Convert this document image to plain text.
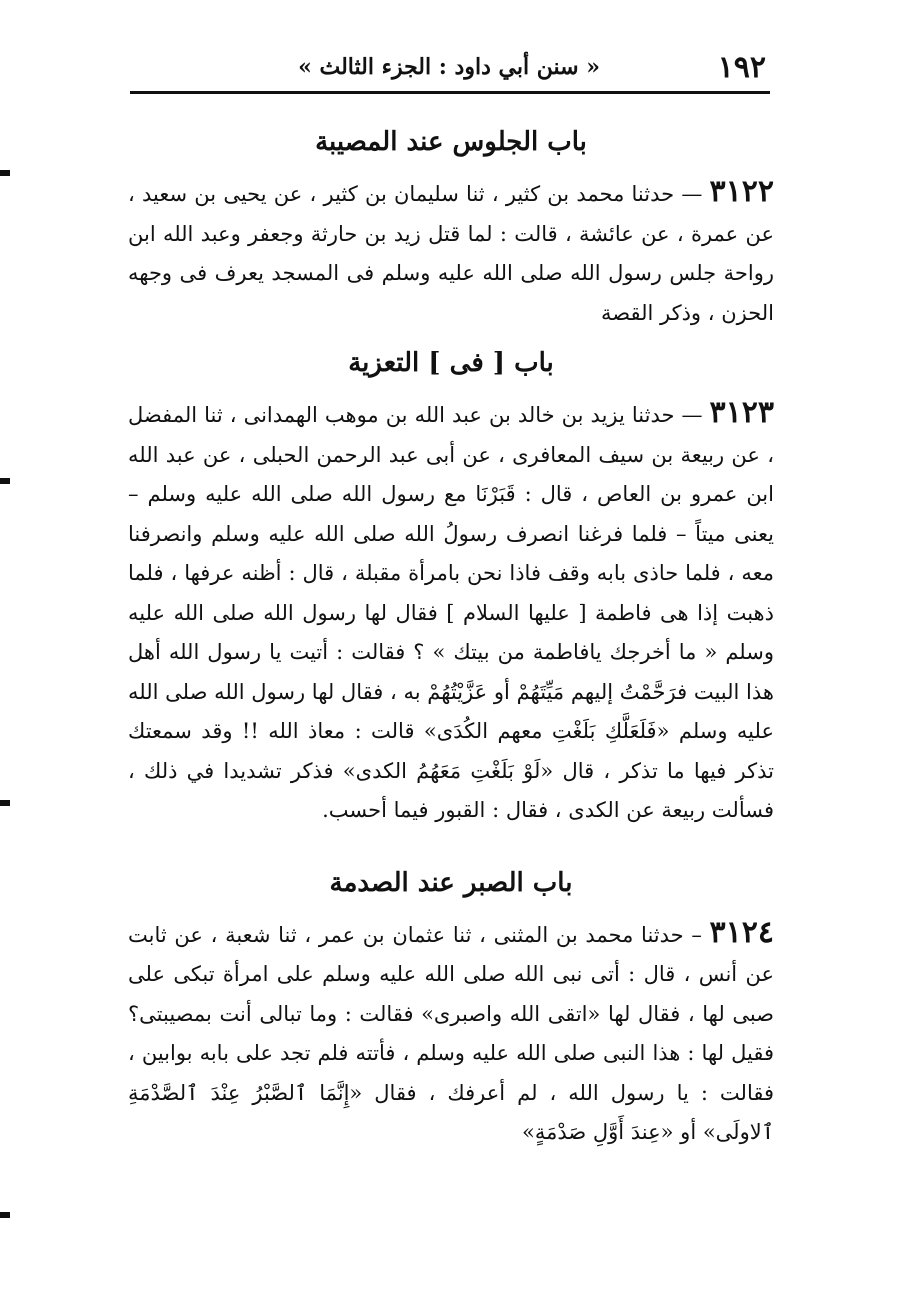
١٩٢
« سنن أبي داود : الجزء الثالث »
باب الجلوس عند المصيبة

٣١٢٢ — حدثنا محمد بن كثير ، ثنا سليمان بن كثير ، عن يحيى بن سعيد ، عن عمرة ، عن عائشة ، قالت : لما قتل زيد بن حارثة وجعفر وعبد الله ابن رواحة جلس رسول الله صلى الله عليه وسلم فى المسجد يعرف فى وجهه الحزن ، وذكر القصة

باب [ فى ] التعزية

٣١٢٣ — حدثنا يزيد بن خالد بن عبد الله بن موهب الهمدانى ، ثنا المفضل ، عن ربيعة بن سيف المعافرى ، عن أبى عبد الرحمن الحبلى ، عن عبد الله ابن عمرو بن العاص ، قال : قَبَرْنَا مع رسول الله صلى الله عليه وسلم – يعنى ميتاً – فلما فرغنا انصرف رسولُ الله صلى الله عليه وسلم وانصرفنا معه ، فلما حاذى بابه وقف فاذا نحن بامرأة مقبلة ، قال : أظنه عرفها ، فلما ذهبت إذا هى فاطمة [ عليها السلام ] فقال لها رسول الله صلى الله عليه وسلم « ما أخرجك يافاطمة من بيتك » ؟ فقالت : أتيت يا رسول الله أهل هذا البيت فرَحَّمْتُ إليهم مَيِّتَهُمْ أو عَزَّيْتُهُمْ به ، فقال لها رسول الله صلى الله عليه وسلم «فَلَعَلَّكِ بَلَغْتِ معهم الكُدَى» قالت : معاذ الله !! وقد سمعتك تذكر فيها ما تذكر ، قال «لَوْ بَلَغْتِ مَعَهُمُ الكدى» فذكر تشديدا في ذلك ، فسألت ربيعة عن الكدى ، فقال : القبور فيما أحسب.

باب الصبر عند الصدمة

٣١٢٤ – حدثنا محمد بن المثنى ، ثنا عثمان بن عمر ، ثنا شعبة ، عن ثابت عن أنس ، قال : أتى نبى الله صلى الله عليه وسلم على امرأة تبكى على صبى لها ، فقال لها «اتقى الله واصبرى» فقالت : وما تبالى أنت بمصيبتى؟ فقيل لها : هذا النبى صلى الله عليه وسلم ، فأتته فلم تجد على بابه بوابين ، فقالت : يا رسول الله ، لم أعرفك ، فقال «إِنَّمَا ٱلصَّبْرُ عِنْدَ ٱلصَّدْمَةِ ٱلاولَى» أو «عِندَ أَوَّلِ صَدْمَةٍ»
